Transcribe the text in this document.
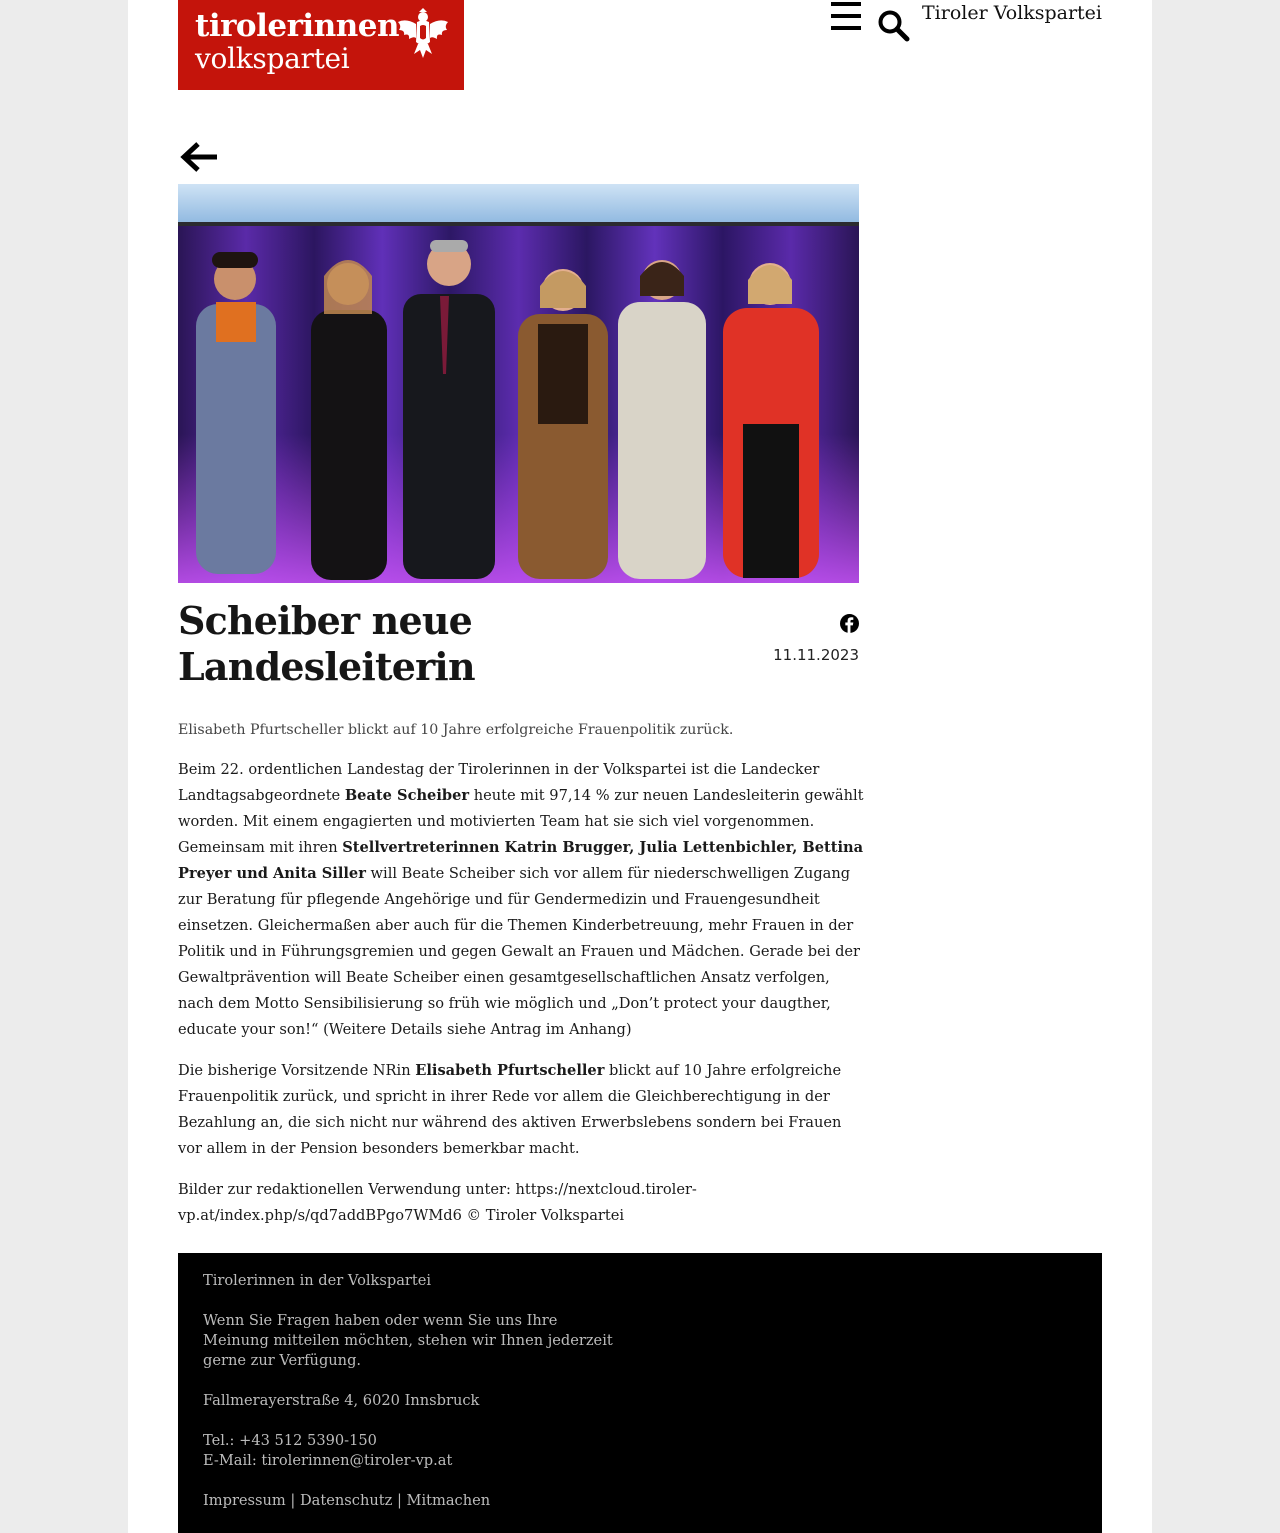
tirolerinnen
volkspartei
Tiroler Volkspartei
Scheiber neue Landesleiterin	11.11.2023

Elisabeth Pfurtscheller blickt auf 10 Jahre erfolgreiche Frauenpolitik zurück.

Beim 22. ordentlichen Landestag der Tirolerinnen in der Volkspartei ist die Landecker Landtagsabgeordnete Beate Scheiber heute mit 97,14 % zur neuen Landesleiterin gewählt worden. Mit einem engagierten und motivierten Team hat sie sich viel vorgenommen. Gemeinsam mit ihren Stellvertreterinnen Katrin Brugger, Julia Lettenbichler, Bettina Preyer und Anita Siller will Beate Scheiber sich vor allem für niederschwelligen Zugang zur Beratung für pflegende Angehörige und für Gendermedizin und Frauengesundheit einsetzen. Gleichermaßen aber auch für die Themen Kinderbetreuung, mehr Frauen in der Politik und in Führungsgremien und gegen Gewalt an Frauen und Mädchen. Gerade bei der Gewaltprävention will Beate Scheiber einen gesamtgesellschaftlichen Ansatz verfolgen, nach dem Motto Sensibilisierung so früh wie möglich und „Don’t protect your daugther, educate your son!“ (Weitere Details siehe Antrag im Anhang)

Die bisherige Vorsitzende NRin Elisabeth Pfurtscheller blickt auf 10 Jahre erfolgreiche Frauenpolitik zurück, und spricht in ihrer Rede vor allem die Gleichberechtigung in der Bezahlung an, die sich nicht nur während des aktiven Erwerbslebens sondern bei Frauen vor allem in der Pension besonders bemerkbar macht.

Bilder zur redaktionellen Verwendung unter: https://nextcloud.tiroler-vp.at/index.php/s/qd7addBPgo7WMd6 © Tiroler Volkspartei

Tirolerinnen in der Volkspartei

Wenn Sie Fragen haben oder wenn Sie uns Ihre Meinung mitteilen möchten, stehen wir Ihnen jederzeit gerne zur Verfügung.

Fallmerayerstraße 4, 6020 Innsbruck

Tel.: +43 512 5390-150
E-Mail: tirolerinnen@tiroler-vp.at

Impressum | Datenschutz | Mitmachen
